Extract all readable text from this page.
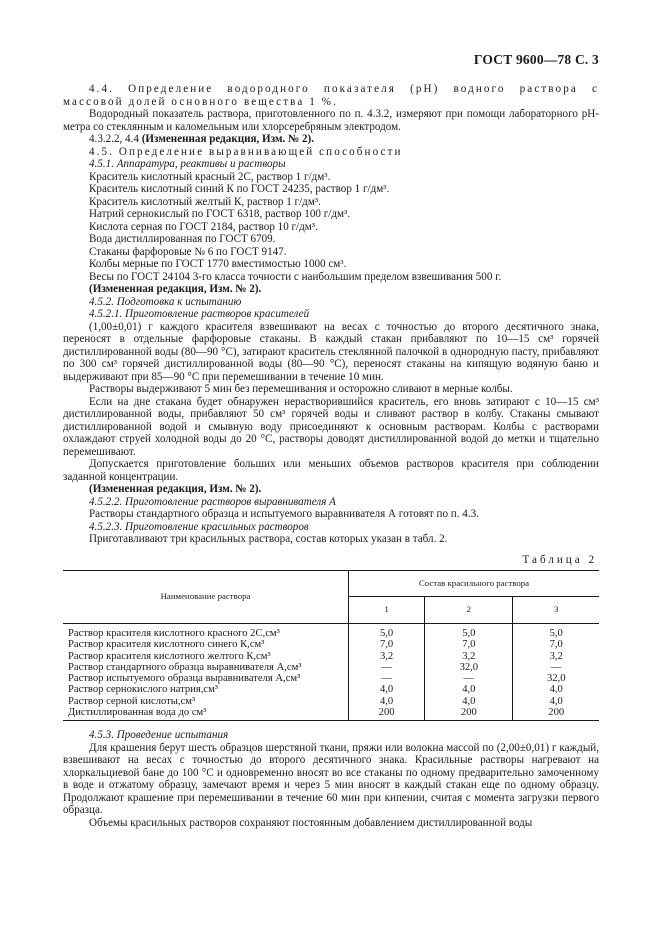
ГОСТ 9600—78 С. 3

4.4. Определение водородного показателя (рН) водного раствора с массовой долей основного вещества 1 %.

Водородный показатель раствора, приготовленного по п. 4.3.2, измеряют при помощи лабораторного рН-метра со стеклянным и каломельным или хлорсеребряным электродом.

4.3.2.2, 4.4 (Измененная редакция, Изм. № 2).

4.5. Определение выравнивающей способности

4.5.1. Аппаратура, реактивы и растворы

Краситель кислотный красный 2С, раствор 1 г/дм³.

Краситель кислотный синий К по ГОСТ 24235, раствор 1 г/дм³.

Краситель кислотный желтый К, раствор 1 г/дм³.

Натрий сернокислый по ГОСТ 6318, раствор 100 г/дм³.

Кислота серная по ГОСТ 2184, раствор 10 г/дм³.

Вода дистиллированная по ГОСТ 6709.

Стаканы фарфоровые № 6 по ГОСТ 9147.

Колбы мерные по ГОСТ 1770 вместимостью 1000 см³.

Весы по ГОСТ 24104 3-го класса точности с наибольшим пределом взвешивания 500 г.

(Измененная редакция, Изм. № 2).

4.5.2. Подготовка к испытанию

4.5.2.1. Приготовление растворов красителей

(1,00±0,01) г каждого красителя взвешивают на весах с точностью до второго десятичного знака, переносят в отдельные фарфоровые стаканы. В каждый стакан прибавляют по 10—15 см³ горячей дистиллированной воды (80—90 °С), затирают краситель стеклянной палочкой в однородную пасту, прибавляют по 300 см³ горячей дистиллированной воды (80—90 °С), переносят стаканы на кипящую водяную баню и выдерживают при 85—90 °С при перемешивании в течение 10 мин.

Растворы выдерживают 5 мин без перемешивания и осторожно сливают в мерные колбы.

Если на дне стакана будет обнаружен нерастворившийся краситель, его вновь затирают с 10—15 см³ дистиллированной воды, прибавляют 50 см³ горячей воды и сливают раствор в колбу. Стаканы смывают дистиллированной водой и смывную воду присоединяют к основным растворам. Колбы с растворами охлаждают струей холодной воды до 20 °С, растворы доводят дистиллированной водой до метки и тщательно перемешивают.

Допускается приготовление больших или меньших объемов растворов красителя при соблюдении заданной концентрации.

(Измененная редакция, Изм. № 2).

4.5.2.2. Приготовление растворов выравнивателя А

Растворы стандартного образца и испытуемого выравнивателя А готовят по п. 4.3.

4.5.2.3. Приготовление красильных растворов

Приготавливают три красильных раствора, состав которых указан в табл. 2.

Таблица 2
Наименование раствора	Состав красильного раствора		
	1	2	3
Раствор красителя кислотного красного 2С,см³	5,0	5,0	5,0
Раствор красителя кислотного синего К,см³	7,0	7,0	7,0
Раствор красителя кислотного желтого К,см³	3,2	3,2	3,2
Раствор стандартного образца выравнивателя А,см³	—	32,0	—
Раствор испытуемого образца выравнивателя А,см³	—	—	32,0
Раствор сернокислого натрия,см³	4,0	4,0	4,0
Раствор серной кислоты,см³	4,0	4,0	4,0
Дистиллированная вода до см³	200	200	200

4.5.3. Проведение испытания

Для крашения берут шесть образцов шерстяной ткани, пряжи или волокна массой по (2,00±0,01) г каждый, взвешивают на весах с точностью до второго десятичного знака. Красильные растворы нагревают на хлоркальциевой бане до 100 °С и одновременно вносят во все стаканы по одному предварительно замоченному в воде и отжатому образцу, замечают время и через 5 мин вносят в каждый стакан еще по одному образцу. Продолжают крашение при перемешивании в течение 60 мин при кипении, считая с момента загрузки первого образца.

Объемы красильных растворов сохраняют постоянным добавлением дистиллированной воды
